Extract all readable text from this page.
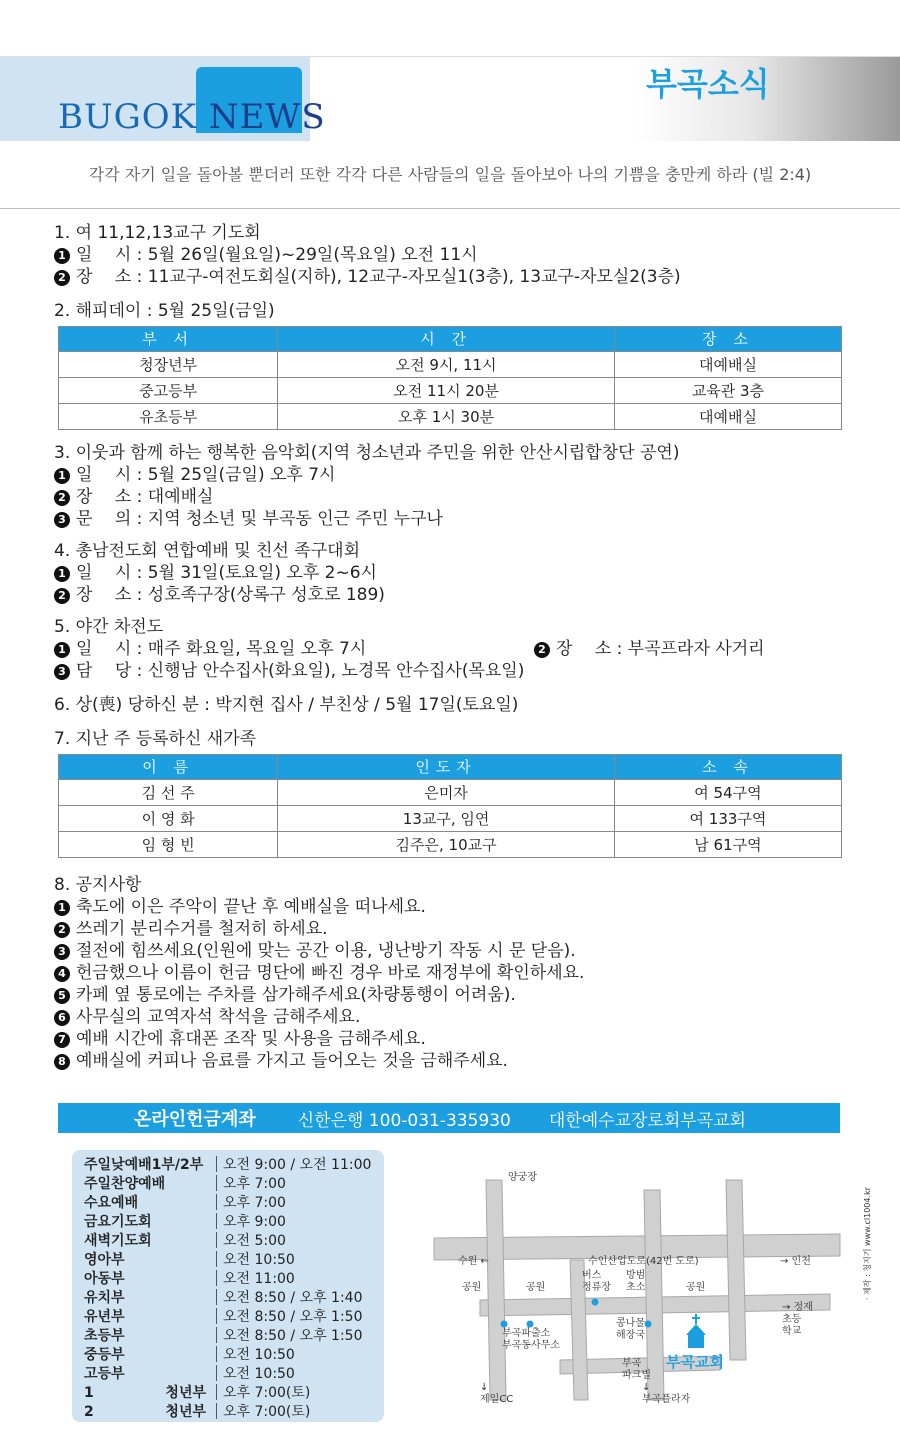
부곡소식
BUGOK NEWS
각각 자기 일을 돌아볼 뿐더러 또한 각각 다른 사람들의 일을 돌아보아 나의 기쁨을 충만케 하라 (빌 2:4)
1. 여 11,12,13교구 기도회
1 일　 시 : 5월 26일(월요일)~29일(목요일) 오전 11시
2 장　 소 : 11교구-여전도회실(지하), 12교구-자모실1(3층), 13교구-자모실2(3층)
2. 해피데이 : 5월 25일(금일)
부 서	시 간	장 소
청장년부	오전 9시, 11시	대예배실
중고등부	오전 11시 20분	교육관 3층
유초등부	오후 1시 30분	대예배실
3. 이웃과 함께 하는 행복한 음악회(지역 청소년과 주민을 위한 안산시립합창단 공연)
1 일　 시 : 5월 25일(금일) 오후 7시
2 장　 소 : 대예배실
3 문　 의 : 지역 청소년 및 부곡동 인근 주민 누구나
4. 총남전도회 연합예배 및 친선 족구대회
1 일　 시 : 5월 31일(토요일) 오후 2~6시
2 장　 소 : 성호족구장(상록구 성호로 189)
5. 야간 차전도
1 일　 시 : 매주 화요일, 목요일 오후 7시	2 장　 소 : 부곡프라자 사거리
3 담　 당 : 신행남 안수집사(화요일), 노경목 안수집사(목요일)
6. 상(喪) 당하신 분 : 박지현 집사 / 부친상 / 5월 17일(토요일)
7. 지난 주 등록하신 새가족
이 름	인도자	소 속
김 선 주	은미자	여 54구역
이 영 화	13교구, 임연	여 133구역
임 형 빈	김주은, 10교구	남 61구역
8. 공지사항
1 축도에 이은 주악이 끝난 후 예배실을 떠나세요.
2 쓰레기 분리수거를 철저히 하세요.
3 절전에 힘쓰세요(인원에 맞는 공간 이용, 냉난방기 작동 시 문 닫음).
4 헌금했으나 이름이 헌금 명단에 빠진 경우 바로 재정부에 확인하세요.
5 카페 옆 통로에는 주차를 삼가해주세요(차량통행이 어려움).
6 사무실의 교역자석 착석을 금해주세요.
7 예배 시간에 휴대폰 조작 및 사용을 금해주세요.
8 예배실에 커피나 음료를 가지고 들어오는 것을 금해주세요.
온라인헌금계좌 신한은행 100-031-335930 대한예수교장로회부곡교회
주일낮예배1부/2부 오전 9:00 / 오전 11:00
주일찬양예배	오후 7:00
수요예배	오후 7:00
금요기도회	오후 9:00
새벽기도회	오전 5:00
영아부	오전 10:50
아동부	오전 11:00
유치부	오전 8:50 / 오후 1:40
유년부	오전 8:50 / 오후 1:50
초등부	오전 8:50 / 오후 1:50
중등부	오전 10:50
고등부	오전 10:50
1 청년부 오후 7:00(토)
2 청년부 오후 7:00(토)
양궁장
수원 ←	수인산업도로(42번 도로)	→ 인천
공원	공원	공원
버스
정류장
방범
초소
→ 정재
초등
학교
부곡파출소
부곡동사무소
콩나물
해장국
부곡교회
부곡
파크빌
↓
제일CC
↓
부곡플라자
· 제작 : 청지기 www.cl1004.kr
